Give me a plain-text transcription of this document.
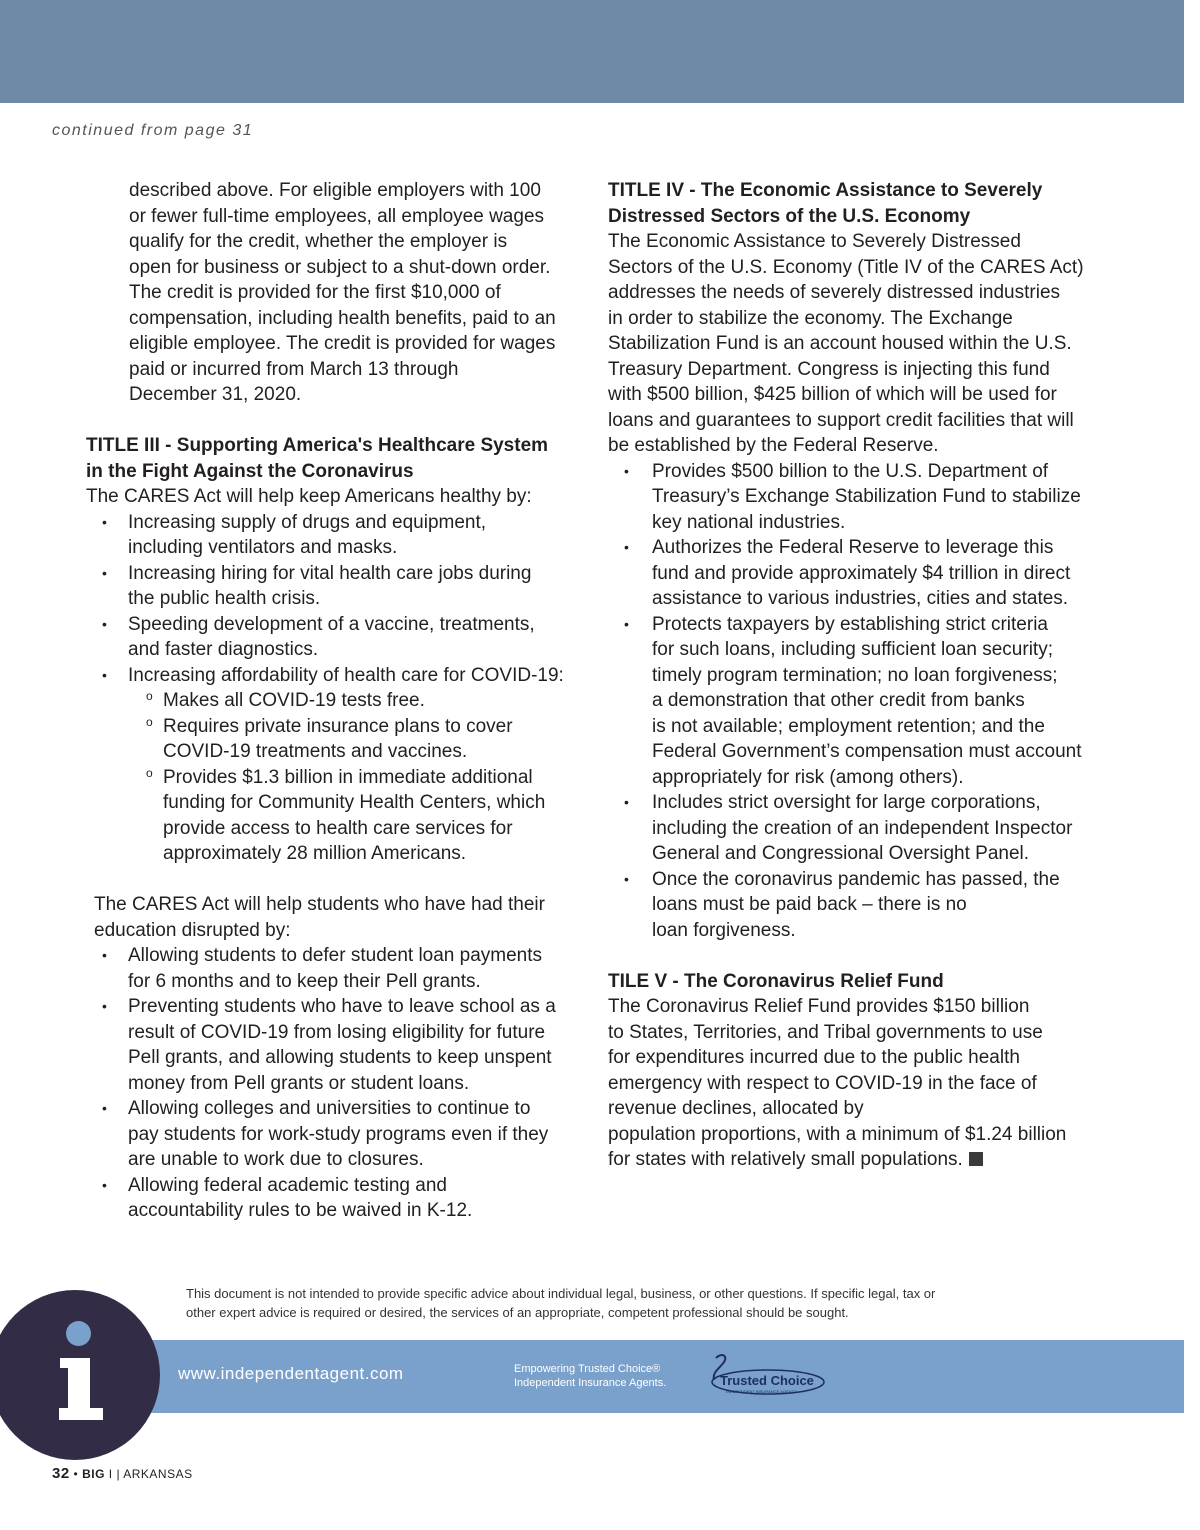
continued from page 31

described above. For eligible employers with 100

or fewer full-time employees, all employee wages

qualify for the credit, whether the employer is

open for business or subject to a shut-down order.

The credit is provided for the first $10,000 of

compensation, including health benefits, paid to an

eligible employee. The credit is provided for wages

paid or incurred from March 13 through

December 31, 2020.

TITLE III - Supporting America's Healthcare System

in the Fight Against the Coronavirus

The CARES Act will help keep Americans healthy by:

• Increasing supply of drugs and equipment,

including ventilators and masks.

• Increasing hiring for vital health care jobs during

the public health crisis.

• Speeding development of a vaccine, treatments,

and faster diagnostics.

• Increasing affordability of health care for COVID-19:

o Makes all COVID-19 tests free.

o Requires private insurance plans to cover

COVID-19 treatments and vaccines.

o Provides $1.3 billion in immediate additional

funding for Community Health Centers, which

provide access to health care services for

approximately 28 million Americans.

The CARES Act will help students who have had their

education disrupted by:

• Allowing students to defer student loan payments

for 6 months and to keep their Pell grants.

• Preventing students who have to leave school as a

result of COVID-19 from losing eligibility for future

Pell grants, and allowing students to keep unspent

money from Pell grants or student loans.

• Allowing colleges and universities to continue to

pay students for work-study programs even if they

are unable to work due to closures.

• Allowing federal academic testing and

accountability rules to be waived in K-12.

TITLE IV - The Economic Assistance to Severely

Distressed Sectors of the U.S. Economy

The Economic Assistance to Severely Distressed

Sectors of the U.S. Economy (Title IV of the CARES Act)

addresses the needs of severely distressed industries

in order to stabilize the economy. The Exchange

Stabilization Fund is an account housed within the U.S.

Treasury Department. Congress is injecting this fund

with $500 billion, $425 billion of which will be used for

loans and guarantees to support credit facilities that will

be established by the Federal Reserve.

• Provides $500 billion to the U.S. Department of

Treasury’s Exchange Stabilization Fund to stabilize

key national industries.

• Authorizes the Federal Reserve to leverage this

fund and provide approximately $4 trillion in direct

assistance to various industries, cities and states.

• Protects taxpayers by establishing strict criteria

for such loans, including sufficient loan security;

timely program termination; no loan forgiveness;

a demonstration that other credit from banks

is not available; employment retention; and the

Federal Government’s compensation must account

appropriately for risk (among others).

• Includes strict oversight for large corporations,

including the creation of an independent Inspector

General and Congressional Oversight Panel.

• Once the coronavirus pandemic has passed, the

loans must be paid back – there is no

loan forgiveness.

TILE V - The Coronavirus Relief Fund

The Coronavirus Relief Fund provides $150 billion

to States, Territories, and Tribal governments to use

for expenditures incurred due to the public health

emergency with respect to COVID-19 in the face of

revenue declines, allocated by

population proportions, with a minimum of $1.24 billion

for states with relatively small populations.

This document is not intended to provide specific advice about individual legal, business, or other questions. If specific legal, tax or

other expert advice is required or desired, the services of an appropriate, competent professional should be sought.

www.independentagent.com	Empowering Trusted Choice®

Independent Insurance Agents.	Trusted Choice
INDEPENDENT INSURANCE AGENTS
32 • BIG I | ARKANSAS
